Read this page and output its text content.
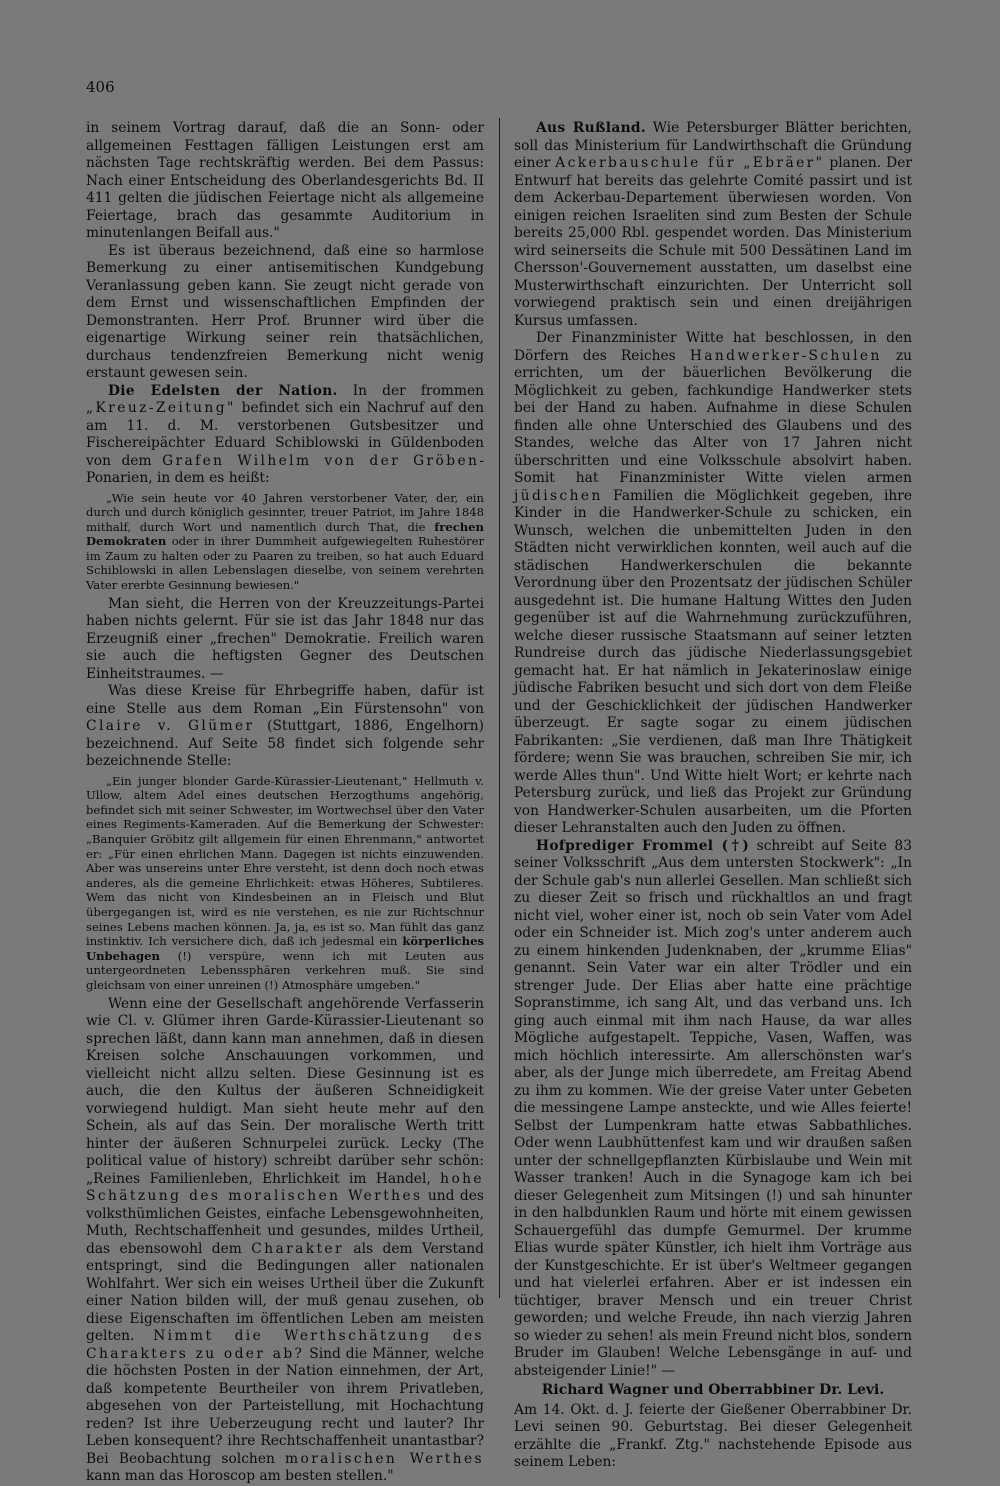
406

in seinem Vortrag darauf, daß die an Sonn- oder allgemeinen Festtagen fälligen Leistungen erst am nächsten Tage rechtskräftig werden. Bei dem Passus: Nach einer Entscheidung des Oberlandesgerichts Bd. II 411 gelten die jüdischen Feiertage nicht als allgemeine Feiertage, brach das gesammte Auditorium in minutenlangen Beifall aus."

Es ist überaus bezeichnend, daß eine so harmlose Bemerkung zu einer antisemitischen Kundgebung Veranlassung geben kann. Sie zeugt nicht gerade von dem Ernst und wissenschaftlichen Empfinden der Demonstranten. Herr Prof. Brunner wird über die eigenartige Wirkung seiner rein thatsächlichen, durchaus tendenzfreien Bemerkung nicht wenig erstaunt gewesen sein.

Die Edelsten der Nation. In der frommen „Kreuz-Zeitung" befindet sich ein Nachruf auf den am 11. d. M. verstorbenen Gutsbesitzer und Fischereipächter Eduard Schiblowski in Güldenboden von dem Grafen Wilhelm von der Gröben-Ponarien, in dem es heißt:

„Wie sein heute vor 40 Jahren verstorbener Vater, der, ein durch und durch königlich gesinnter, treuer Patriot, im Jahre 1848 mithalf, durch Wort und namentlich durch That, die frechen Demokraten oder in ihrer Dummheit aufgewiegelten Ruhestörer im Zaum zu halten oder zu Paaren zu treiben, so hat auch Eduard Schiblowski in allen Lebenslagen dieselbe, von seinem verehrten Vater ererbte Gesinnung bewiesen."

Man sieht, die Herren von der Kreuzzeitungs-Partei haben nichts gelernt. Für sie ist das Jahr 1848 nur das Erzeugniß einer „frechen" Demokratie. Freilich waren sie auch die heftigsten Gegner des Deutschen Einheitstraumes. —

Was diese Kreise für Ehrbegriffe haben, dafür ist eine Stelle aus dem Roman „Ein Fürstensohn" von Claire v. Glümer (Stuttgart, 1886, Engelhorn) bezeichnend. Auf Seite 58 findet sich folgende sehr bezeichnende Stelle:

„Ein junger blonder Garde-Kürassier-Lieutenant," Hellmuth v. Ullow, altem Adel eines deutschen Herzogthums angehörig, befindet sich mit seiner Schwester, im Wortwechsel über den Vater eines Regiments-Kameraden. Auf die Bemerkung der Schwester: „Banquier Gröbitz gilt allgemein für einen Ehrenmann," antwortet er: „Für einen ehrlichen Mann. Dagegen ist nichts einzuwenden. Aber was unsereins unter Ehre versteht, ist denn doch noch etwas anderes, als die gemeine Ehrlichkeit: etwas Höheres, Subtileres. Wem das nicht von Kindesbeinen an in Fleisch und Blut übergegangen ist, wird es nie verstehen, es nie zur Richtschnur seines Lebens machen können. Ja, ja, es ist so. Man fühlt das ganz instinktiv. Ich versichere dich, daß ich jedesmal ein körperliches Unbehagen (!) verspüre, wenn ich mit Leuten aus untergeordneten Lebenssphären verkehren muß. Sie sind gleichsam von einer unreinen (!) Atmosphäre umgeben."

Wenn eine der Gesellschaft angehörende Verfasserin wie Cl. v. Glümer ihren Garde-Kürassier-Lieutenant so sprechen läßt, dann kann man annehmen, daß in diesen Kreisen solche Anschauungen vorkommen, und vielleicht nicht allzu selten. Diese Gesinnung ist es auch, die den Kultus der äußeren Schneidigkeit vorwiegend huldigt. Man sieht heute mehr auf den Schein, als auf das Sein. Der moralische Werth tritt hinter der äußeren Schnurpelei zurück. Lecky (The political value of history) schreibt darüber sehr schön: „Reines Familienleben, Ehrlichkeit im Handel, hohe Schätzung des moralischen Werthes und des volksthümlichen Geistes, einfache Lebensgewohnheiten, Muth, Rechtschaffenheit und gesundes, mildes Urtheil, das ebensowohl dem Charakter als dem Verstand entspringt, sind die Bedingungen aller nationalen Wohlfahrt. Wer sich ein weises Urtheil über die Zukunft einer Nation bilden will, der muß genau zusehen, ob diese Eigenschaften im öffentlichen Leben am meisten gelten. Nimmt die Werthschätzung des Charakters zu oder ab? Sind die Männer, welche die höchsten Posten in der Nation einnehmen, der Art, daß kompetente Beurtheiler von ihrem Privatleben, abgesehen von der Parteistellung, mit Hochachtung reden? Ist ihre Ueberzeugung recht und lauter? Ihr Leben konsequent? ihre Rechtschaffenheit unantastbar? Bei Beobachtung solchen moralischen Werthes kann man das Horoscop am besten stellen."

Aus Rußland. Wie Petersburger Blätter berichten, soll das Ministerium für Landwirthschaft die Gründung einer Ackerbauschule für „Ebräer" planen. Der Entwurf hat bereits das gelehrte Comité passirt und ist dem Ackerbau-Departement überwiesen worden. Von einigen reichen Israeliten sind zum Besten der Schule bereits 25,000 Rbl. gespendet worden. Das Ministerium wird seinerseits die Schule mit 500 Dessätinen Land im Chersson'-Gouvernement ausstatten, um daselbst eine Musterwirthschaft einzurichten. Der Unterricht soll vorwiegend praktisch sein und einen dreijährigen Kursus umfassen.

Der Finanzminister Witte hat beschlossen, in den Dörfern des Reiches Handwerker-Schulen zu errichten, um der bäuerlichen Bevölkerung die Möglichkeit zu geben, fachkundige Handwerker stets bei der Hand zu haben. Aufnahme in diese Schulen finden alle ohne Unterschied des Glaubens und des Standes, welche das Alter von 17 Jahren nicht überschritten und eine Volksschule absolvirt haben. Somit hat Finanzminister Witte vielen armen jüdischen Familien die Möglichkeit gegeben, ihre Kinder in die Handwerker-Schule zu schicken, ein Wunsch, welchen die unbemittelten Juden in den Städten nicht verwirklichen konnten, weil auch auf die städischen Handwerkerschulen die bekannte Verordnung über den Prozentsatz der jüdischen Schüler ausgedehnt ist. Die humane Haltung Wittes den Juden gegenüber ist auf die Wahrnehmung zurückzuführen, welche dieser russische Staatsmann auf seiner letzten Rundreise durch das jüdische Niederlassungsgebiet gemacht hat. Er hat nämlich in Jekaterinoslaw einige jüdische Fabriken besucht und sich dort von dem Fleiße und der Geschicklichkeit der jüdischen Handwerker überzeugt. Er sagte sogar zu einem jüdischen Fabrikanten: „Sie verdienen, daß man Ihre Thätigkeit fördere; wenn Sie was brauchen, schreiben Sie mir, ich werde Alles thun". Und Witte hielt Wort; er kehrte nach Petersburg zurück, und ließ das Projekt zur Gründung von Handwerker-Schulen ausarbeiten, um die Pforten dieser Lehranstalten auch den Juden zu öffnen.

Hofprediger Frommel (†) schreibt auf Seite 83 seiner Volksschrift „Aus dem untersten Stockwerk": „In der Schule gab's nun allerlei Gesellen. Man schließt sich zu dieser Zeit so frisch und rückhaltlos an und fragt nicht viel, woher einer ist, noch ob sein Vater vom Adel oder ein Schneider ist. Mich zog's unter anderem auch zu einem hinkenden Judenknaben, der „krumme Elias" genannt. Sein Vater war ein alter Trödler und ein strenger Jude. Der Elias aber hatte eine prächtige Sopranstimme, ich sang Alt, und das verband uns. Ich ging auch einmal mit ihm nach Hause, da war alles Mögliche aufgestapelt. Teppiche, Vasen, Waffen, was mich höchlich interessirte. Am allerschönsten war's aber, als der Junge mich überredete, am Freitag Abend zu ihm zu kommen. Wie der greise Vater unter Gebeten die messingene Lampe ansteckte, und wie Alles feierte! Selbst der Lumpenkram hatte etwas Sabbathliches. Oder wenn Laubhüttenfest kam und wir draußen saßen unter der schnellgepflanzten Kürbislaube und Wein mit Wasser tranken! Auch in die Synagoge kam ich bei dieser Gelegenheit zum Mitsingen (!) und sah hinunter in den halbdunklen Raum und hörte mit einem gewissen Schauergefühl das dumpfe Gemurmel. Der krumme Elias wurde später Künstler, ich hielt ihm Vorträge aus der Kunstgeschichte. Er ist über's Weltmeer gegangen und hat vielerlei erfahren. Aber er ist indessen ein tüchtiger, braver Mensch und ein treuer Christ geworden; und welche Freude, ihn nach vierzig Jahren so wieder zu sehen! als mein Freund nicht blos, sondern Bruder im Glauben! Welche Lebensgänge in auf- und absteigender Linie!" —

Richard Wagner und Oberrabbiner Dr. Levi.

Am 14. Okt. d. J. feierte der Gießener Oberrabbiner Dr. Levi seinen 90. Geburtstag. Bei dieser Gelegenheit erzählte die „Frankf. Ztg." nachstehende Episode aus seinem Leben:
